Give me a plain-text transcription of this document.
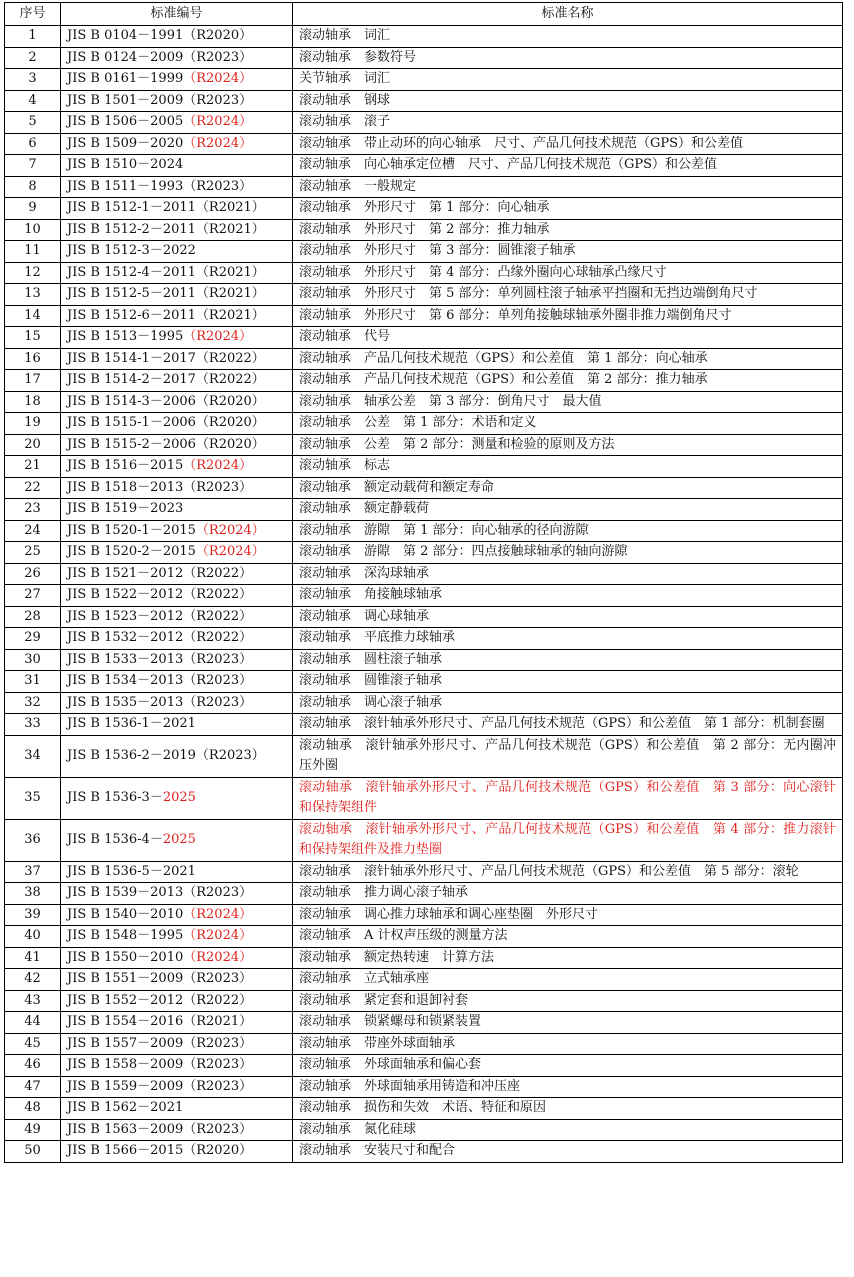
序号	标准编号	标准名称
1	JIS B 0104－1991（R2020）	滚动轴承　词汇
2	JIS B 0124－2009（R2023）	滚动轴承　参数符号
3	JIS B 0161－1999（R2024）	关节轴承　词汇
4	JIS B 1501－2009（R2023）	滚动轴承　钢球
5	JIS B 1506－2005（R2024）	滚动轴承　滚子
6	JIS B 1509－2020（R2024）	滚动轴承　带止动环的向心轴承　尺寸、产品几何技术规范（GPS）和公差值
7	JIS B 1510－2024	滚动轴承　向心轴承定位槽　尺寸、产品几何技术规范（GPS）和公差值
8	JIS B 1511－1993（R2023）	滚动轴承　一般规定
9	JIS B 1512-1－2011（R2021）	滚动轴承　外形尺寸　第 1 部分：向心轴承
10	JIS B 1512-2－2011（R2021）	滚动轴承　外形尺寸　第 2 部分：推力轴承
11	JIS B 1512-3－2022	滚动轴承　外形尺寸　第 3 部分：圆锥滚子轴承
12	JIS B 1512-4－2011（R2021）	滚动轴承　外形尺寸　第 4 部分：凸缘外圈向心球轴承凸缘尺寸
13	JIS B 1512-5－2011（R2021）	滚动轴承　外形尺寸　第 5 部分：单列圆柱滚子轴承平挡圈和无挡边端倒角尺寸
14	JIS B 1512-6－2011（R2021）	滚动轴承　外形尺寸　第 6 部分：单列角接触球轴承外圈非推力端倒角尺寸
15	JIS B 1513－1995（R2024）	滚动轴承　代号
16	JIS B 1514-1－2017（R2022）	滚动轴承　产品几何技术规范（GPS）和公差值　第 1 部分：向心轴承
17	JIS B 1514-2－2017（R2022）	滚动轴承　产品几何技术规范（GPS）和公差值　第 2 部分：推力轴承
18	JIS B 1514-3－2006（R2020）	滚动轴承　轴承公差　第 3 部分：倒角尺寸　最大值
19	JIS B 1515-1－2006（R2020）	滚动轴承　公差　第 1 部分：术语和定义
20	JIS B 1515-2－2006（R2020）	滚动轴承　公差　第 2 部分：测量和检验的原则及方法
21	JIS B 1516－2015（R2024）	滚动轴承　标志
22	JIS B 1518－2013（R2023）	滚动轴承　额定动载荷和额定寿命
23	JIS B 1519－2023	滚动轴承　额定静载荷
24	JIS B 1520-1－2015（R2024）	滚动轴承　游隙　第 1 部分：向心轴承的径向游隙
25	JIS B 1520-2－2015（R2024）	滚动轴承　游隙　第 2 部分：四点接触球轴承的轴向游隙
26	JIS B 1521－2012（R2022）	滚动轴承　深沟球轴承
27	JIS B 1522－2012（R2022）	滚动轴承　角接触球轴承
28	JIS B 1523－2012（R2022）	滚动轴承　调心球轴承
29	JIS B 1532－2012（R2022）	滚动轴承　平底推力球轴承
30	JIS B 1533－2013（R2023）	滚动轴承　圆柱滚子轴承
31	JIS B 1534－2013（R2023）	滚动轴承　圆锥滚子轴承
32	JIS B 1535－2013（R2023）	滚动轴承　调心滚子轴承
33	JIS B 1536-1－2021	滚动轴承　滚针轴承外形尺寸、产品几何技术规范（GPS）和公差值　第 1 部分：机制套圈
34	JIS B 1536-2－2019（R2023）	滚动轴承　滚针轴承外形尺寸、产品几何技术规范（GPS）和公差值　第 2 部分：无内圈冲压外圈
35	JIS B 1536-3－2025	滚动轴承　滚针轴承外形尺寸、产品几何技术规范（GPS）和公差值　第 3 部分：向心滚针和保持架组件
36	JIS B 1536-4－2025	滚动轴承　滚针轴承外形尺寸、产品几何技术规范（GPS）和公差值　第 4 部分：推力滚针和保持架组件及推力垫圈
37	JIS B 1536-5－2021	滚动轴承　滚针轴承外形尺寸、产品几何技术规范（GPS）和公差值　第 5 部分：滚轮
38	JIS B 1539－2013（R2023）	滚动轴承　推力调心滚子轴承
39	JIS B 1540－2010（R2024）	滚动轴承　调心推力球轴承和调心座垫圈　外形尺寸
40	JIS B 1548－1995（R2024）	滚动轴承　A 计权声压级的测量方法
41	JIS B 1550－2010（R2024）	滚动轴承　额定热转速　计算方法
42	JIS B 1551－2009（R2023）	滚动轴承　立式轴承座
43	JIS B 1552－2012（R2022）	滚动轴承　紧定套和退卸衬套
44	JIS B 1554－2016（R2021）	滚动轴承　锁紧螺母和锁紧装置
45	JIS B 1557－2009（R2023）	滚动轴承　带座外球面轴承
46	JIS B 1558－2009（R2023）	滚动轴承　外球面轴承和偏心套
47	JIS B 1559－2009（R2023）	滚动轴承　外球面轴承用铸造和冲压座
48	JIS B 1562－2021	滚动轴承　损伤和失效　术语、特征和原因
49	JIS B 1563－2009（R2023）	滚动轴承　氮化硅球
50	JIS B 1566－2015（R2020）	滚动轴承　安装尺寸和配合
